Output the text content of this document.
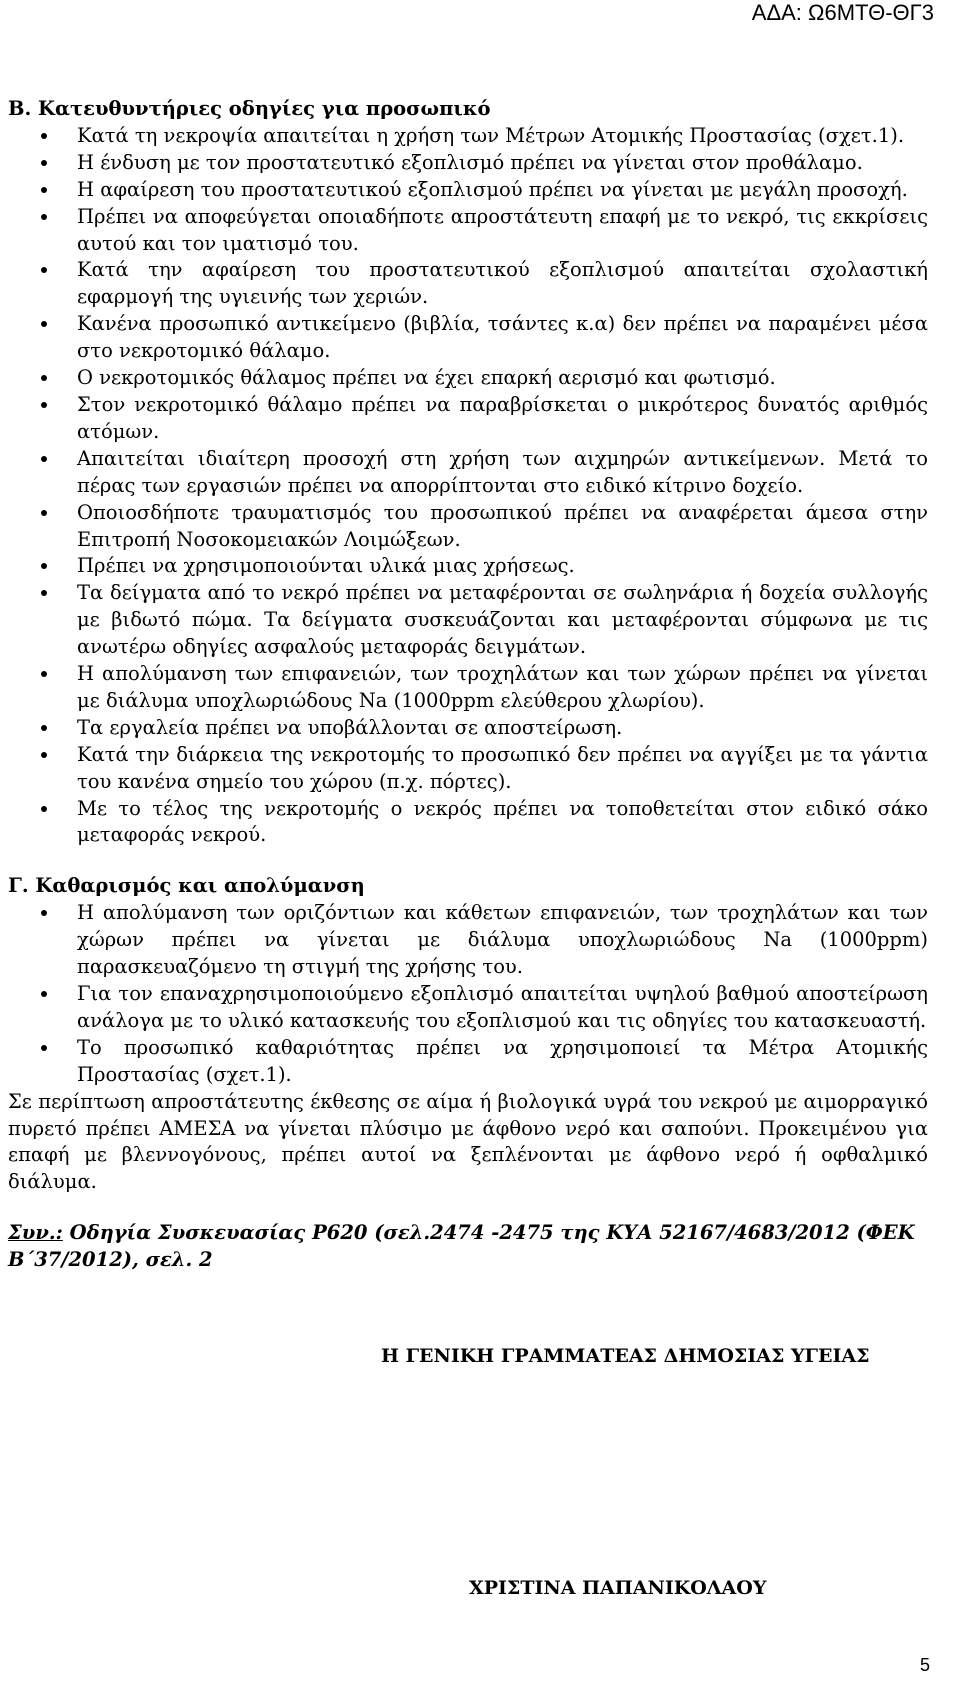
ΑΔΑ: Ω6ΜΤΘ-ΘΓ3
Β. Κατευθυντήριες οδηγίες για προσωπικό
Κατά τη νεκροψία απαιτείται η χρήση των Μέτρων Ατομικής Προστασίας (σχετ.1).
Η ένδυση με τον προστατευτικό εξοπλισμό πρέπει να γίνεται στον προθάλαμο.
Η αφαίρεση του προστατευτικού εξοπλισμού πρέπει να γίνεται με μεγάλη προσοχή.
Πρέπει να αποφεύγεται οποιαδήποτε απροστάτευτη επαφή με το νεκρό, τις εκκρίσεις αυτού και τον ιματισμό του.
Κατά την αφαίρεση του προστατευτικού εξοπλισμού απαιτείται σχολαστική εφαρμογή της υγιεινής των χεριών.
Κανένα προσωπικό αντικείμενο (βιβλία, τσάντες κ.α) δεν πρέπει να παραμένει μέσα στο νεκροτομικό θάλαμο.
Ο νεκροτομικός θάλαμος πρέπει να έχει επαρκή αερισμό και φωτισμό.
Στον νεκροτομικό θάλαμο πρέπει να παραβρίσκεται ο μικρότερος δυνατός αριθμός ατόμων.
Απαιτείται ιδιαίτερη προσοχή στη χρήση των αιχμηρών αντικείμενων. Μετά το πέρας των εργασιών πρέπει να απορρίπτονται στο ειδικό κίτρινο δοχείο.
Οποιοσδήποτε τραυματισμός του προσωπικού πρέπει να αναφέρεται άμεσα στην Επιτροπή Νοσοκομειακών Λοιμώξεων.
Πρέπει να χρησιμοποιούνται υλικά μιας χρήσεως.
Τα δείγματα από το νεκρό πρέπει να μεταφέρονται σε σωληνάρια ή δοχεία συλλογής με βιδωτό πώμα. Τα δείγματα συσκευάζονται και μεταφέρονται σύμφωνα με τις ανωτέρω οδηγίες ασφαλούς μεταφοράς δειγμάτων.
Η απολύμανση των επιφανειών, των τροχηλάτων και των χώρων πρέπει να γίνεται με διάλυμα υποχλωριώδους Na (1000ppm ελεύθερου χλωρίου).
Τα εργαλεία πρέπει να υποβάλλονται σε αποστείρωση.
Κατά την διάρκεια της νεκροτομής το προσωπικό δεν πρέπει να αγγίξει με τα γάντια του κανένα σημείο του χώρου (π.χ. πόρτες).
Με το τέλος της νεκροτομής ο νεκρός πρέπει να τοποθετείται στον ειδικό σάκο μεταφοράς νεκρού.
Γ. Καθαρισμός και απολύμανση
Η απολύμανση των οριζόντιων και κάθετων επιφανειών, των τροχηλάτων και των χώρων πρέπει να γίνεται με διάλυμα υποχλωριώδους Na (1000ppm) παρασκευαζόμενο τη στιγμή της χρήσης του.
Για τον επαναχρησιμοποιούμενο εξοπλισμό απαιτείται υψηλού βαθμού αποστείρωση ανάλογα με το υλικό κατασκευής του εξοπλισμού και τις οδηγίες του κατασκευαστή.
Το προσωπικό καθαριότητας πρέπει να χρησιμοποιεί τα Μέτρα Ατομικής Προστασίας (σχετ.1).

Σε περίπτωση απροστάτευτης έκθεσης σε αίμα ή βιολογικά υγρά του νεκρού με αιμορραγικό πυρετό πρέπει ΑΜΕΣΑ να γίνεται πλύσιμο με άφθονο νερό και σαπούνι. Προκειμένου για επαφή με βλεννογόνους, πρέπει αυτοί να ξεπλένονται με άφθονο νερό ή οφθαλμικό διάλυμα.

Συν.: Οδηγία Συσκευασίας P620 (σελ.2474 -2475 της ΚΥΑ 52167/4683/2012 (ΦΕΚ Β΄37/2012), σελ. 2
Η ΓΕΝΙΚΗ ΓΡΑΜΜΑΤΕΑΣ ΔΗΜΟΣΙΑΣ ΥΓΕΙΑΣ
ΧΡΙΣΤΙΝΑ ΠΑΠΑΝΙΚΟΛΑΟΥ
5
